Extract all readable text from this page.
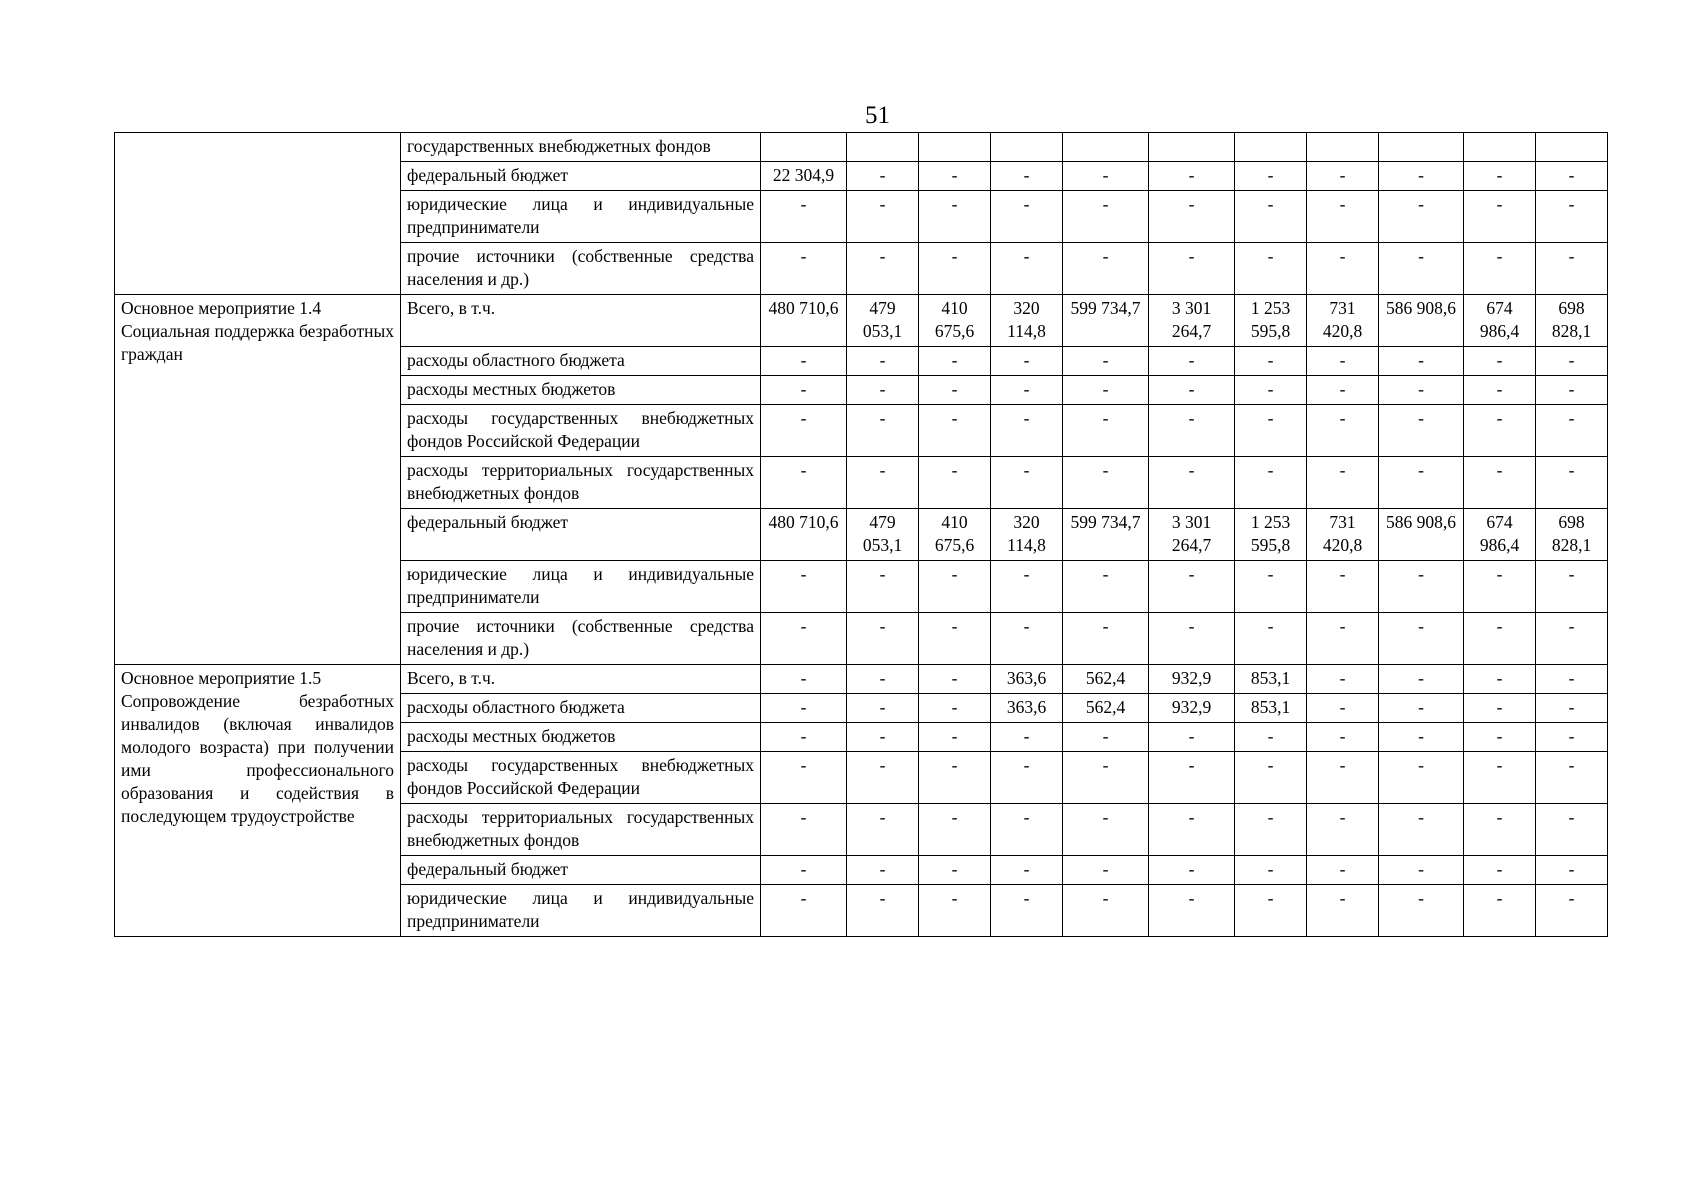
51
	государственных внебюджетных фондов											
	федеральный бюджет	22 304,9	-	-	-	-	-	-	-	-	-	-
	юридические лица и индивидуальные предприниматели	-	-	-	-	-	-	-	-	-	-	-
	прочие источники (собственные средства населения и др.)	-	-	-	-	-	-	-	-	-	-	-

Основное мероприятие 1.4
Социальная поддержка безработных граждан	Всего, в т.ч.	480 710,6	479 053,1	410 675,6	320 114,8	599 734,7	3 301 264,7	1 253 595,8	731 420,8	586 908,6	674 986,4	698 828,1
	расходы областного бюджета	-	-	-	-	-	-	-	-	-	-	-
	расходы местных бюджетов	-	-	-	-	-	-	-	-	-	-	-
	расходы государственных внебюджетных фондов Российской Федерации	-	-	-	-	-	-	-	-	-	-	-
	расходы территориальных государственных внебюджетных фондов	-	-	-	-	-	-	-	-	-	-	-
	федеральный бюджет	480 710,6	479 053,1	410 675,6	320 114,8	599 734,7	3 301 264,7	1 253 595,8	731 420,8	586 908,6	674 986,4	698 828,1
	юридические лица и индивидуальные предприниматели	-	-	-	-	-	-	-	-	-	-	-
	прочие источники (собственные средства населения и др.)	-	-	-	-	-	-	-	-	-	-	-

Основное мероприятие 1.5
Сопровождение безработных инвалидов (включая инвалидов молодого возраста) при получении ими профессионального образования и содействия в последующем трудоустройстве	Всего, в т.ч.	-	-	-	363,6	562,4	932,9	853,1	-	-	-	-
	расходы областного бюджета	-	-	-	363,6	562,4	932,9	853,1	-	-	-	-
	расходы местных бюджетов	-	-	-	-	-	-	-	-	-	-	-
	расходы государственных внебюджетных фондов Российской Федерации	-	-	-	-	-	-	-	-	-	-	-
	расходы территориальных государственных внебюджетных фондов	-	-	-	-	-	-	-	-	-	-	-
	федеральный бюджет	-	-	-	-	-	-	-	-	-	-	-
	юридические лица и индивидуальные предприниматели	-	-	-	-	-	-	-	-	-	-	-
